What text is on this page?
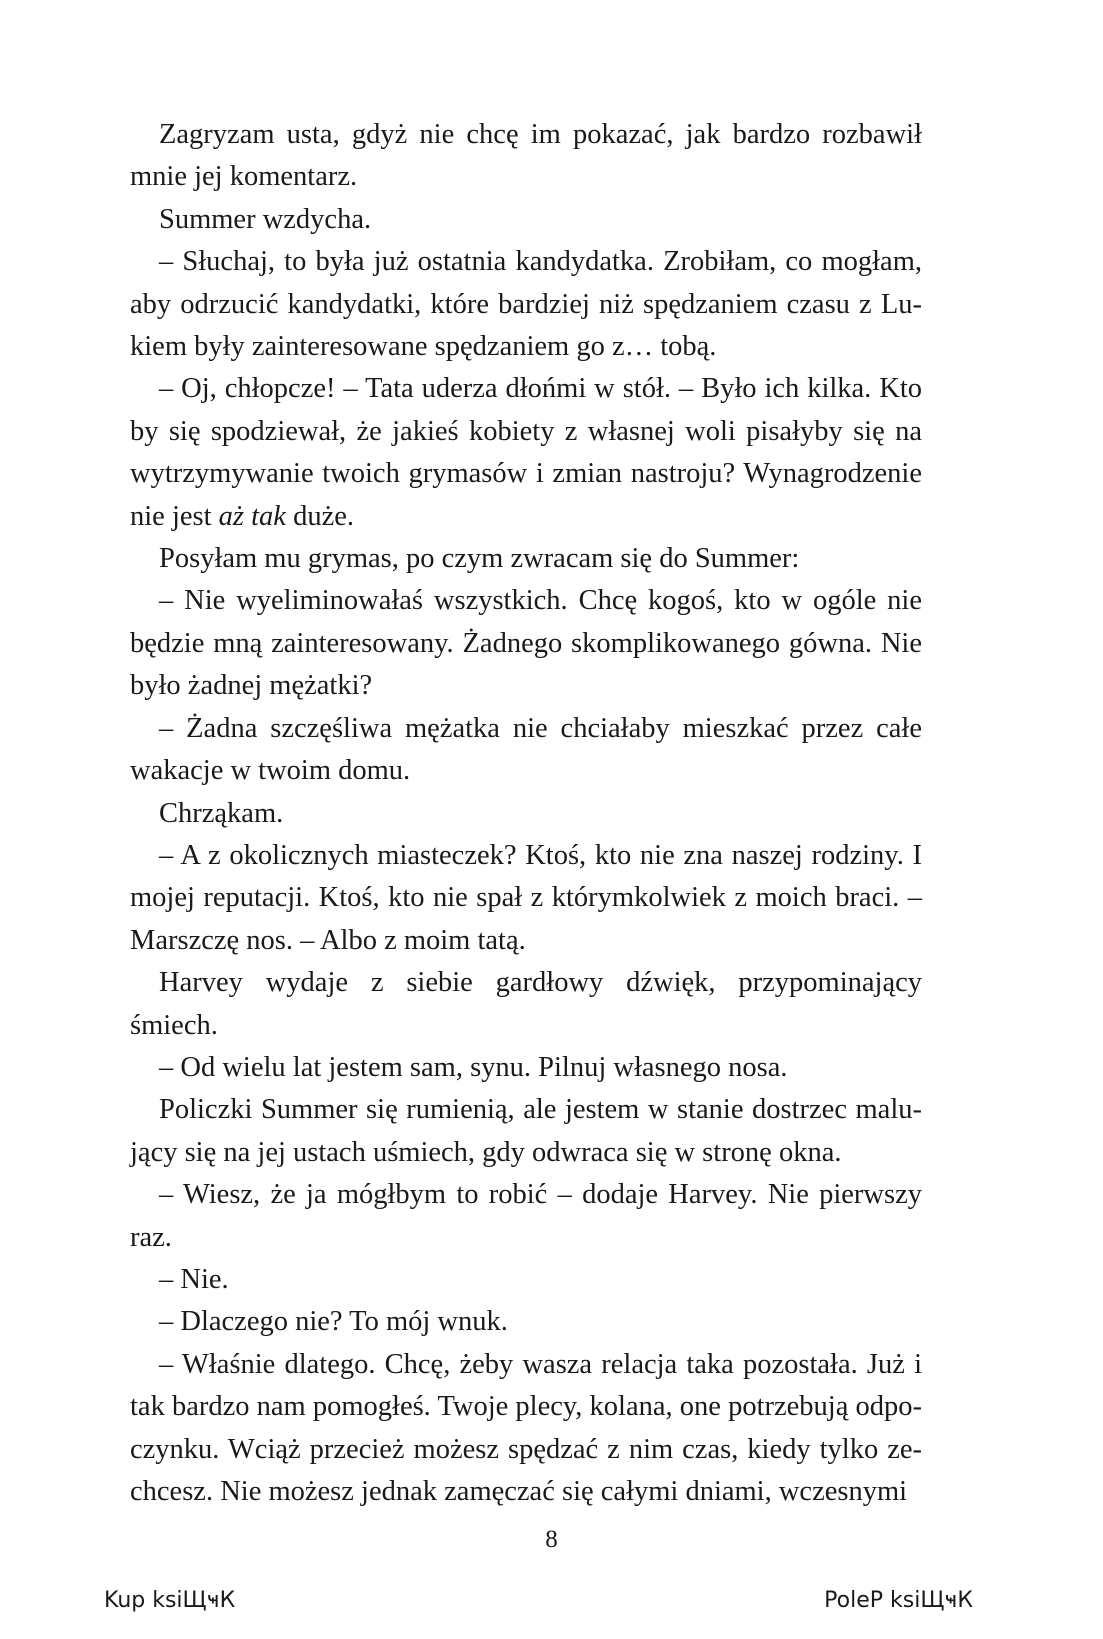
Zagryzam usta, gdyż nie chcę im pokazać, jak bardzo rozbawił mnie jej komentarz.

Summer wzdycha.

– Słuchaj, to była już ostatnia kandydatka. Zrobiłam, co mogłam, aby odrzucić kandydatki, które bardziej niż spędzaniem czasu z Lukiem były zainteresowane spędzaniem go z… tobą.

– Oj, chłopcze! – Tata uderza dłońmi w stół. – Było ich kilka. Kto by się spodziewał, że jakieś kobiety z własnej woli pisałyby się na wytrzymywanie twoich grymasów i zmian nastroju? Wynagrodzenie nie jest aż tak duże.

Posyłam mu grymas, po czym zwracam się do Summer:

– Nie wyeliminowałaś wszystkich. Chcę kogoś, kto w ogóle nie będzie mną zainteresowany. Żadnego skomplikowanego gówna. Nie było żadnej mężatki?

– Żadna szczęśliwa mężatka nie chciałaby mieszkać przez całe wakacje w twoim domu.

Chrząkam.

– A z okolicznych miasteczek? Ktoś, kto nie zna naszej rodziny. I mojej reputacji. Ktoś, kto nie spał z którymkolwiek z moich braci. – Marszczę nos. – Albo z moim tatą.

Harvey wydaje z siebie gardłowy dźwięk, przypominający śmiech.

– Od wielu lat jestem sam, synu. Pilnuj własnego nosa.

Policzki Summer się rumienią, ale jestem w stanie dostrzec malujący się na jej ustach uśmiech, gdy odwraca się w stronę okna.

– Wiesz, że ja mógłbym to robić – dodaje Harvey. Nie pierwszy raz.

– Nie.

– Dlaczego nie? To mój wnuk.

– Właśnie dlatego. Chcę, żeby wasza relacja taka pozostała. Już i tak bardzo nam pomogłeś. Twoje plecy, kolana, one potrzebują odpoczynku. Wciąż przecież możesz spędzać z nim czas, kiedy tylko zechcesz. Nie możesz jednak zamęczać się całymi dniami, wczesnymi

8
Kup ksiЩҹК	PoleP ksiЩҹК
